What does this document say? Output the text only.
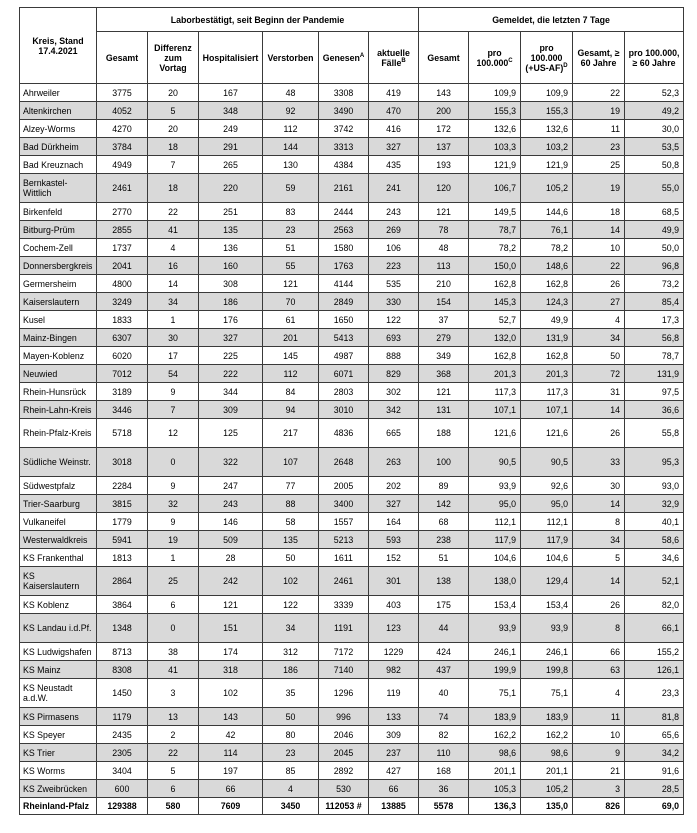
Kreis, Stand 17.4.2021	Laborbestätigt, seit Beginn der Pandemie						Gemeldet, die letzten 7 Tage				
	Gesamt	Differenz zum Vortag	Hospitalisiert	Verstorben	Genesen$^A$	aktuelle Fälle$^B$	Gesamt	pro $100.000^C$	pro 100.000 $(+US-AF)^D$	Gesamt, ≥ 60 Jahre	pro 100.000, ≥ 60 Jahre
Ahrweiler	3775	20	167	48	3308	419	143	109,9	109,9	22	52,3
Altenkirchen	4052	5	348	92	3490	470	200	155,3	155,3	19	49,2
Alzey-Worms	4270	20	249	112	3742	416	172	132,6	132,6	11	30,0
Bad Dürkheim	3784	18	291	144	3313	327	137	103,3	103,2	23	53,5
Bad Kreuznach	4949	7	265	130	4384	435	193	121,9	121,9	25	50,8
Bernkastel-Wittlich	2461	18	220	59	2161	241	120	106,7	105,2	19	55,0
Birkenfeld	2770	22	251	83	2444	243	121	149,5	144,6	18	68,5
Bitburg-Prüm	2855	41	135	23	2563	269	78	78,7	76,1	14	49,9
Cochem-Zell	1737	4	136	51	1580	106	48	78,2	78,2	10	50,0
Donnersbergkreis	2041	16	160	55	1763	223	113	150,0	148,6	22	96,8
Germersheim	4800	14	308	121	4144	535	210	162,8	162,8	26	73,2
Kaiserslautern	3249	34	186	70	2849	330	154	145,3	124,3	27	85,4
Kusel	1833	1	176	61	1650	122	37	52,7	49,9	4	17,3
Mainz-Bingen	6307	30	327	201	5413	693	279	132,0	131,9	34	56,8
Mayen-Koblenz	6020	17	225	145	4987	888	349	162,8	162,8	50	78,7
Neuwied	7012	54	222	112	6071	829	368	201,3	201,3	72	131,9
Rhein-Hunsrück	3189	9	344	84	2803	302	121	117,3	117,3	31	97,5
Rhein-Lahn-Kreis	3446	7	309	94	3010	342	131	107,1	107,1	14	36,6
Rhein-Pfalz-Kreis	5718	12	125	217	4836	665	188	121,6	121,6	26	55,8
Südliche Weinstr.	3018	0	322	107	2648	263	100	90,5	90,5	33	95,3
Südwestpfalz	2284	9	247	77	2005	202	89	93,9	92,6	30	93,0
Trier-Saarburg	3815	32	243	88	3400	327	142	95,0	95,0	14	32,9
Vulkaneifel	1779	9	146	58	1557	164	68	112,1	112,1	8	40,1
Westerwaldkreis	5941	19	509	135	5213	593	238	117,9	117,9	34	58,6
KS Frankenthal	1813	1	28	50	1611	152	51	104,6	104,6	5	34,6
KS Kaiserslautern	2864	25	242	102	2461	301	138	138,0	129,4	14	52,1
KS Koblenz	3864	6	121	122	3339	403	175	153,4	153,4	26	82,0
KS Landau i.d.Pf.	1348	0	151	34	1191	123	44	93,9	93,9	8	66,1
KS Ludwigshafen	8713	38	174	312	7172	1229	424	246,1	246,1	66	155,2
KS Mainz	8308	41	318	186	7140	982	437	199,9	199,8	63	126,1
KS Neustadt a.d.W.	1450	3	102	35	1296	119	40	75,1	75,1	4	23,3
KS Pirmasens	1179	13	143	50	996	133	74	183,9	183,9	11	81,8
KS Speyer	2435	2	42	80	2046	309	82	162,2	162,2	10	65,6
KS Trier	2305	22	114	23	2045	237	110	98,6	98,6	9	34,2
KS Worms	3404	5	197	85	2892	427	168	201,1	201,1	21	91,6
KS Zweibrücken	600	6	66	4	530	66	36	105,3	105,2	3	28,5
Rheinland-Pfalz	129388	580	7609	3450	112053 #	13885	5578	136,3	135,0	826	69,0
